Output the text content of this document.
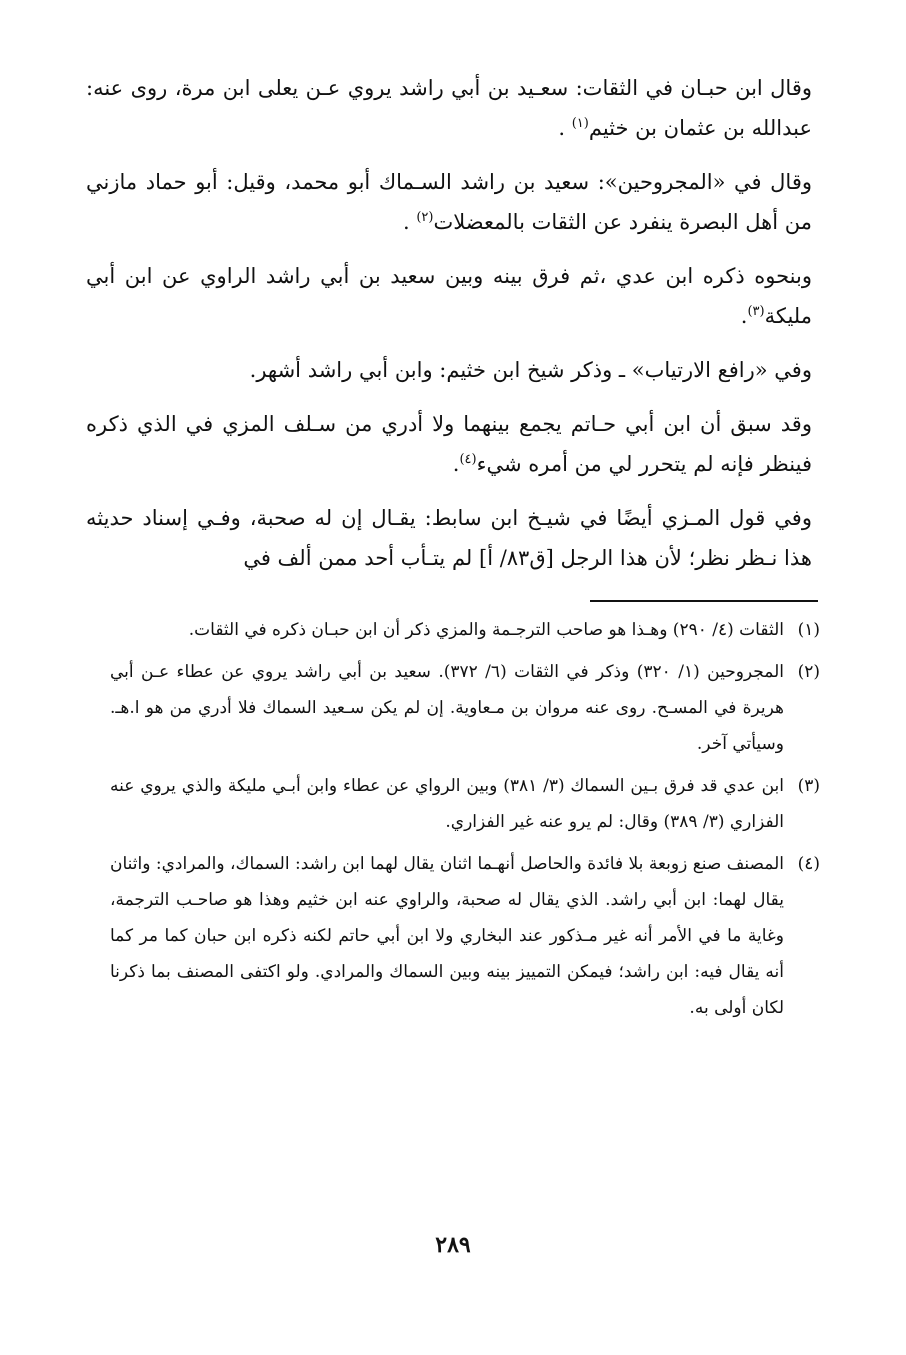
وقال ابن حبـان في الثقات: سعـيد بن أبي راشد يروي عـن يعلى ابن مرة، روى عنه: عبدالله بن عثمان بن خثيم$^{(١)}$ .

وقال في «المجروحين»: سعيد بن راشد السـماك أبو محمد، وقيل: أبو حماد مازني من أهل البصرة ينفرد عن الثقات بالمعضلات$^{(٢)}$ .

وبنحوه ذكره ابن عدي ،ثم فرق بينه وبين سعيد بن أبي راشد الراوي عن ابن أبي مليكة$^{(٣)}$.

وفي «رافع الارتياب» ـ وذكر شيخ ابن خثيم: وابن أبي راشد أشهر.

وقد سبق أن ابن أبي حـاتم يجمع بينهما ولا أدري من سـلف المزي في الذي ذكره فينظر فإنه لم يتحرر لي من أمره شيء$^{(٤)}$.

وفي قول المـزي أيضًا في شيـخ ابن سابط: يقـال إن له صحبة، وفـي إسناد حديثه هذا نـظر نظر؛ لأن هذا الرجل [ق٨٣/ أ] لم يتـأب أحد ممن ألف في

(١)
الثقات (٤/ ٢٩٠) وهـذا هو صاحب الترجـمة والمزي ذكر أن ابن حبـان ذكره في الثقات.
(٢)
المجروحين (١/ ٣٢٠) وذكر في الثقات (٦/ ٣٧٢). سعيد بن أبي راشد يروي عن عطاء عـن أبي هريرة في المسـح. روى عنه مروان بن مـعاوية. إن لم يكن سـعيد السماك فلا أدري من هو ا.هـ. وسيأتي آخر.
(٣)
ابن عدي قد فرق بـين السماك (٣/ ٣٨١) وبين الرواي عن عطاء وابن أبـي مليكة والذي يروي عنه الفزاري (٣/ ٣٨٩) وقال: لم يرو عنه غير الفزاري.
(٤)
المصنف صنع زوبعة بلا فائدة والحاصل أنهـما اثنان يقال لهما ابن راشد: السماك، والمرادي: واثنان يقال لهما: ابن أبي راشد. الذي يقال له صحبة، والراوي عنه ابن خثيم وهذا هو صاحـب الترجمة، وغاية ما في الأمر أنه غير مـذكور عند البخاري ولا ابن أبي حاتم لكنه ذكره ابن حبان كما مر كما أنه يقال فيه: ابن راشد؛ فيمكن التمييز بينه وبين السماك والمرادي. ولو اكتفى المصنف بما ذكرنا لكان أولى به.
٢٨٩
